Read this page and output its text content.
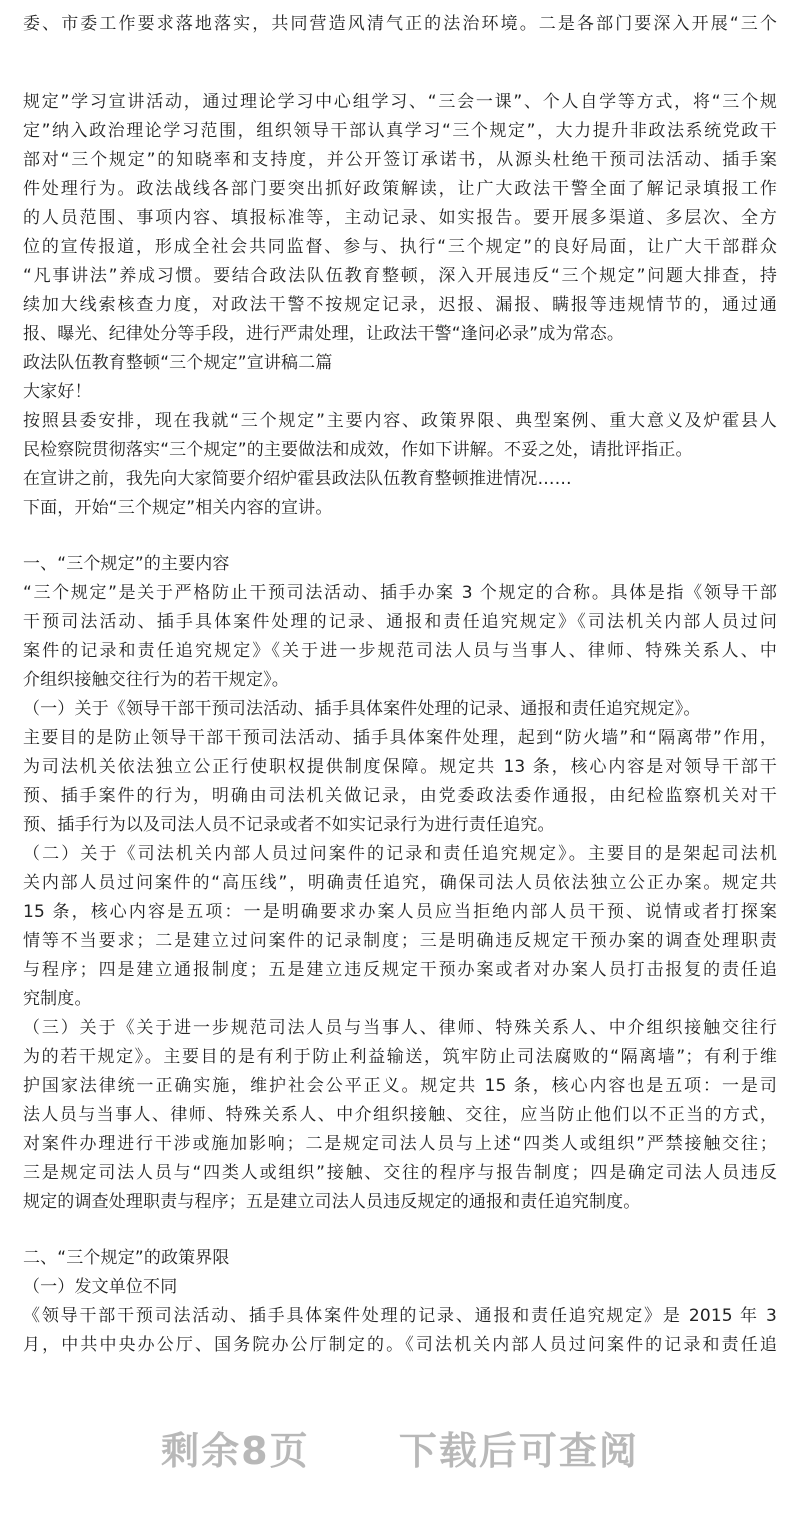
委、市委工作要求落地落实，共同营造风清气正的法治环境。二是各部门要深入开展“三个
规定”学习宣讲活动，通过理论学习中心组学习、“三会一课”、个人自学等方式，将“三个规
定”纳入政治理论学习范围，组织领导干部认真学习“三个规定”，大力提升非政法系统党政干
部对“三个规定”的知晓率和支持度，并公开签订承诺书，从源头杜绝干预司法活动、插手案
件处理行为。政法战线各部门要突出抓好政策解读，让广大政法干警全面了解记录填报工作
的人员范围、事项内容、填报标准等，主动记录、如实报告。要开展多渠道、多层次、全方
位的宣传报道，形成全社会共同监督、参与、执行“三个规定”的良好局面，让广大干部群众
“凡事讲法”养成习惯。要结合政法队伍教育整顿，深入开展违反“三个规定”问题大排查，持
续加大线索核查力度，对政法干警不按规定记录，迟报、漏报、瞒报等违规情节的，通过通
报、曝光、纪律处分等手段，进行严肃处理，让政法干警“逢问必录”成为常态。
政法队伍教育整顿“三个规定”宣讲稿二篇
大家好！
按照县委安排，现在我就“三个规定”主要内容、政策界限、典型案例、重大意义及炉霍县人
民检察院贯彻落实“三个规定”的主要做法和成效，作如下讲解。不妥之处，请批评指正。
在宣讲之前，我先向大家简要介绍炉霍县政法队伍教育整顿推进情况……
下面，开始“三个规定”相关内容的宣讲。
一、“三个规定”的主要内容
“三个规定”是关于严格防止干预司法活动、插手办案 3 个规定的合称。具体是指《领导干部
干预司法活动、插手具体案件处理的记录、通报和责任追究规定》《司法机关内部人员过问
案件的记录和责任追究规定》《关于进一步规范司法人员与当事人、律师、特殊关系人、中
介组织接触交往行为的若干规定》。
（一）关于《领导干部干预司法活动、插手具体案件处理的记录、通报和责任追究规定》。
主要目的是防止领导干部干预司法活动、插手具体案件处理，起到“防火墙”和“隔离带”作用，
为司法机关依法独立公正行使职权提供制度保障。规定共 13 条，核心内容是对领导干部干
预、插手案件的行为，明确由司法机关做记录，由党委政法委作通报，由纪检监察机关对干
预、插手行为以及司法人员不记录或者不如实记录行为进行责任追究。
（二）关于《司法机关内部人员过问案件的记录和责任追究规定》。主要目的是架起司法机
关内部人员过问案件的“高压线”，明确责任追究，确保司法人员依法独立公正办案。规定共
15 条，核心内容是五项：一是明确要求办案人员应当拒绝内部人员干预、说情或者打探案
情等不当要求；二是建立过问案件的记录制度；三是明确违反规定干预办案的调查处理职责
与程序；四是建立通报制度；五是建立违反规定干预办案或者对办案人员打击报复的责任追
究制度。
（三）关于《关于进一步规范司法人员与当事人、律师、特殊关系人、中介组织接触交往行
为的若干规定》。主要目的是有利于防止利益输送，筑牢防止司法腐败的“隔离墙”；有利于维
护国家法律统一正确实施，维护社会公平正义。规定共 15 条，核心内容也是五项：一是司
法人员与当事人、律师、特殊关系人、中介组织接触、交往，应当防止他们以不正当的方式，
对案件办理进行干涉或施加影响；二是规定司法人员与上述“四类人或组织”严禁接触交往；
三是规定司法人员与“四类人或组织”接触、交往的程序与报告制度；四是确定司法人员违反
规定的调查处理职责与程序；五是建立司法人员违反规定的通报和责任追究制度。
二、“三个规定”的政策界限
（一）发文单位不同
《领导干部干预司法活动、插手具体案件处理的记录、通报和责任追究规定》是 2015 年 3
月，中共中央办公厅、国务院办公厅制定的。《司法机关内部人员过问案件的记录和责任追
剩余8页 下载后可查阅
